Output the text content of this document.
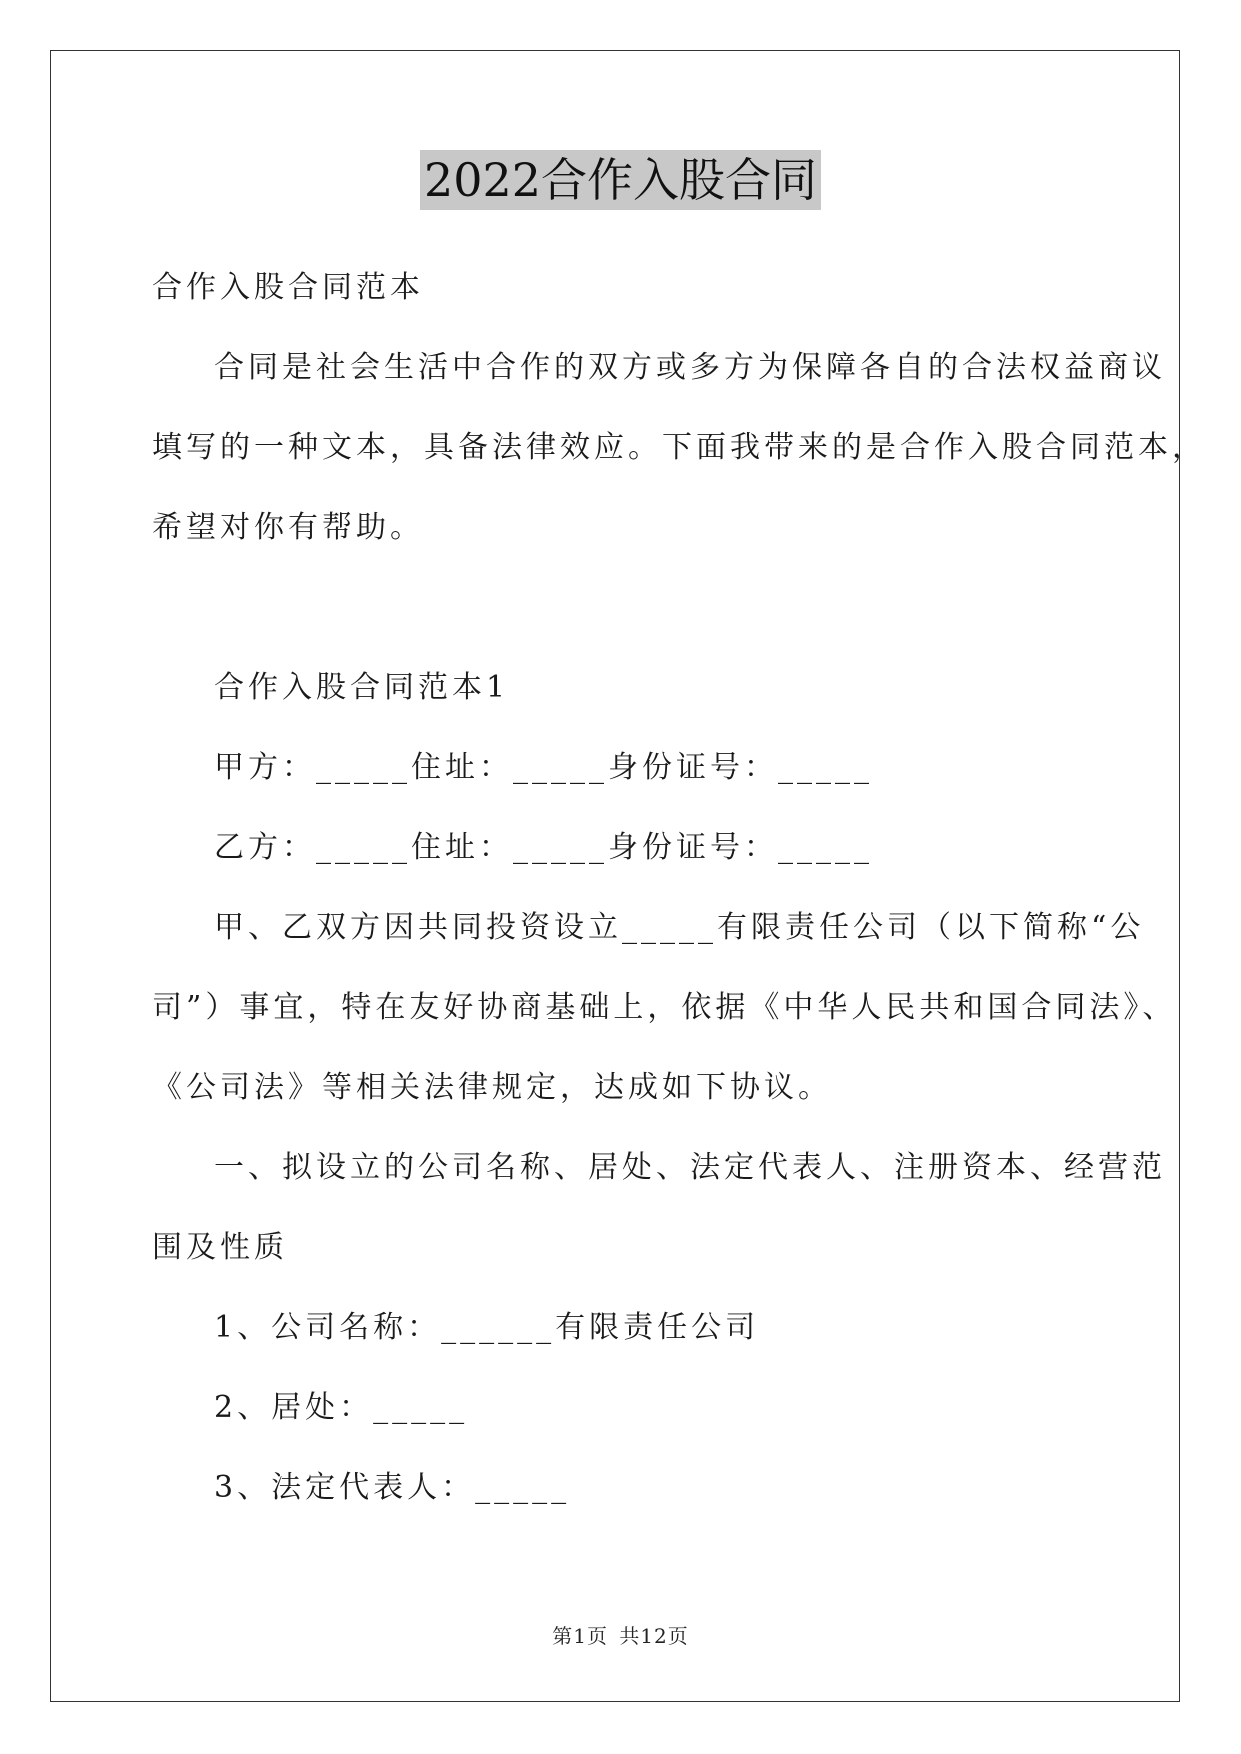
2022合作入股合同
合作入股合同范本
合同是社会生活中合作的双方或多方为保障各自的合法权益商议
填写的一种文本，具备法律效应。下面我带来的是合作入股合同范本，
希望对你有帮助。
合作入股合同范本1
甲方：_____住址：_____身份证号：_____
乙方：_____住址：_____身份证号：_____
甲、乙双方因共同投资设立_____有限责任公司（以下简称“公
司”）事宜，特在友好协商基础上，依据《中华人民共和国合同法》、
《公司法》等相关法律规定，达成如下协议。
一、拟设立的公司名称、居处、法定代表人、注册资本、经营范
围及性质
1、公司名称：______有限责任公司
2、居处：_____
3、法定代表人：_____
第1页 共12页
